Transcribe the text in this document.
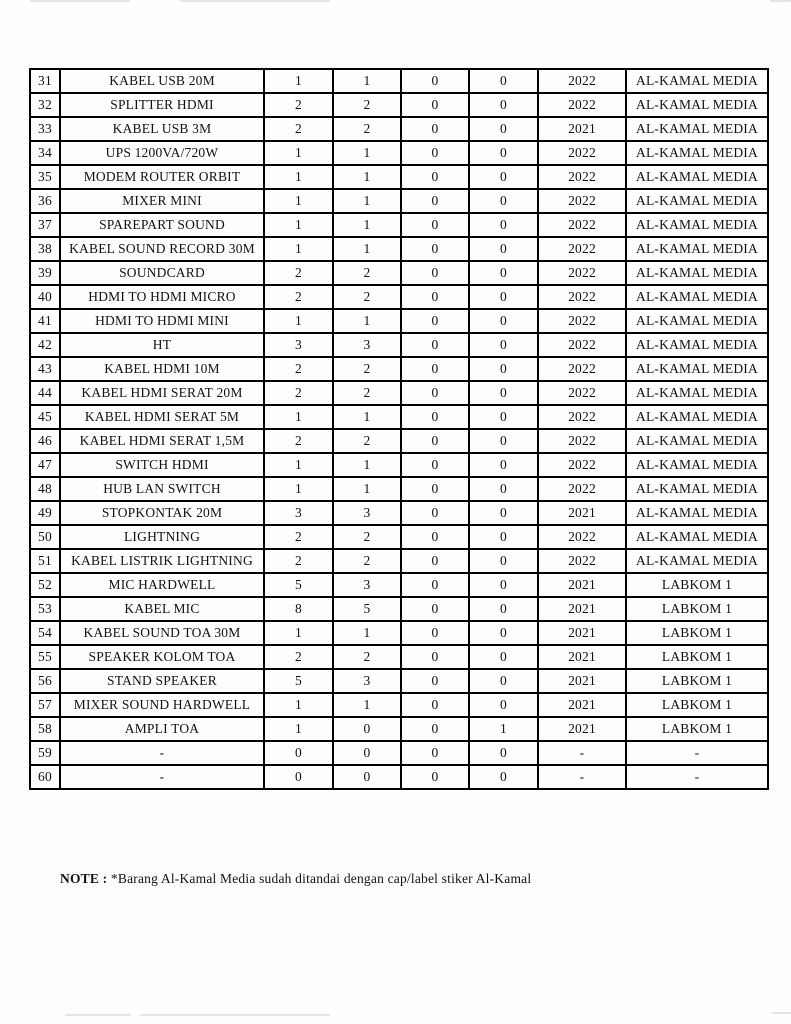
31	KABEL USB 20M	1	1	0	0	2022	AL-KAMAL MEDIA
32	SPLITTER HDMI	2	2	0	0	2022	AL-KAMAL MEDIA
33	KABEL USB 3M	2	2	0	0	2021	AL-KAMAL MEDIA
34	UPS 1200VA/720W	1	1	0	0	2022	AL-KAMAL MEDIA
35	MODEM ROUTER ORBIT	1	1	0	0	2022	AL-KAMAL MEDIA
36	MIXER MINI	1	1	0	0	2022	AL-KAMAL MEDIA
37	SPAREPART SOUND	1	1	0	0	2022	AL-KAMAL MEDIA
38	KABEL SOUND RECORD 30M	1	1	0	0	2022	AL-KAMAL MEDIA
39	SOUNDCARD	2	2	0	0	2022	AL-KAMAL MEDIA
40	HDMI TO HDMI MICRO	2	2	0	0	2022	AL-KAMAL MEDIA
41	HDMI TO HDMI MINI	1	1	0	0	2022	AL-KAMAL MEDIA
42	HT	3	3	0	0	2022	AL-KAMAL MEDIA
43	KABEL HDMI 10M	2	2	0	0	2022	AL-KAMAL MEDIA
44	KABEL HDMI SERAT 20M	2	2	0	0	2022	AL-KAMAL MEDIA
45	KABEL HDMI SERAT 5M	1	1	0	0	2022	AL-KAMAL MEDIA
46	KABEL HDMI SERAT 1,5M	2	2	0	0	2022	AL-KAMAL MEDIA
47	SWITCH HDMI	1	1	0	0	2022	AL-KAMAL MEDIA
48	HUB LAN SWITCH	1	1	0	0	2022	AL-KAMAL MEDIA
49	STOPKONTAK 20M	3	3	0	0	2021	AL-KAMAL MEDIA
50	LIGHTNING	2	2	0	0	2022	AL-KAMAL MEDIA
51	KABEL LISTRIK LIGHTNING	2	2	0	0	2022	AL-KAMAL MEDIA
52	MIC HARDWELL	5	3	0	0	2021	LABKOM 1
53	KABEL MIC	8	5	0	0	2021	LABKOM 1
54	KABEL SOUND TOA 30M	1	1	0	0	2021	LABKOM 1
55	SPEAKER KOLOM TOA	2	2	0	0	2021	LABKOM 1
56	STAND SPEAKER	5	3	0	0	2021	LABKOM 1
57	MIXER SOUND HARDWELL	1	1	0	0	2021	LABKOM 1
58	AMPLI TOA	1	0	0	1	2021	LABKOM 1
59	-	0	0	0	0	-	-
60	-	0	0	0	0	-	-
NOTE : *Barang Al-Kamal Media sudah ditandai dengan cap/label stiker Al-Kamal
